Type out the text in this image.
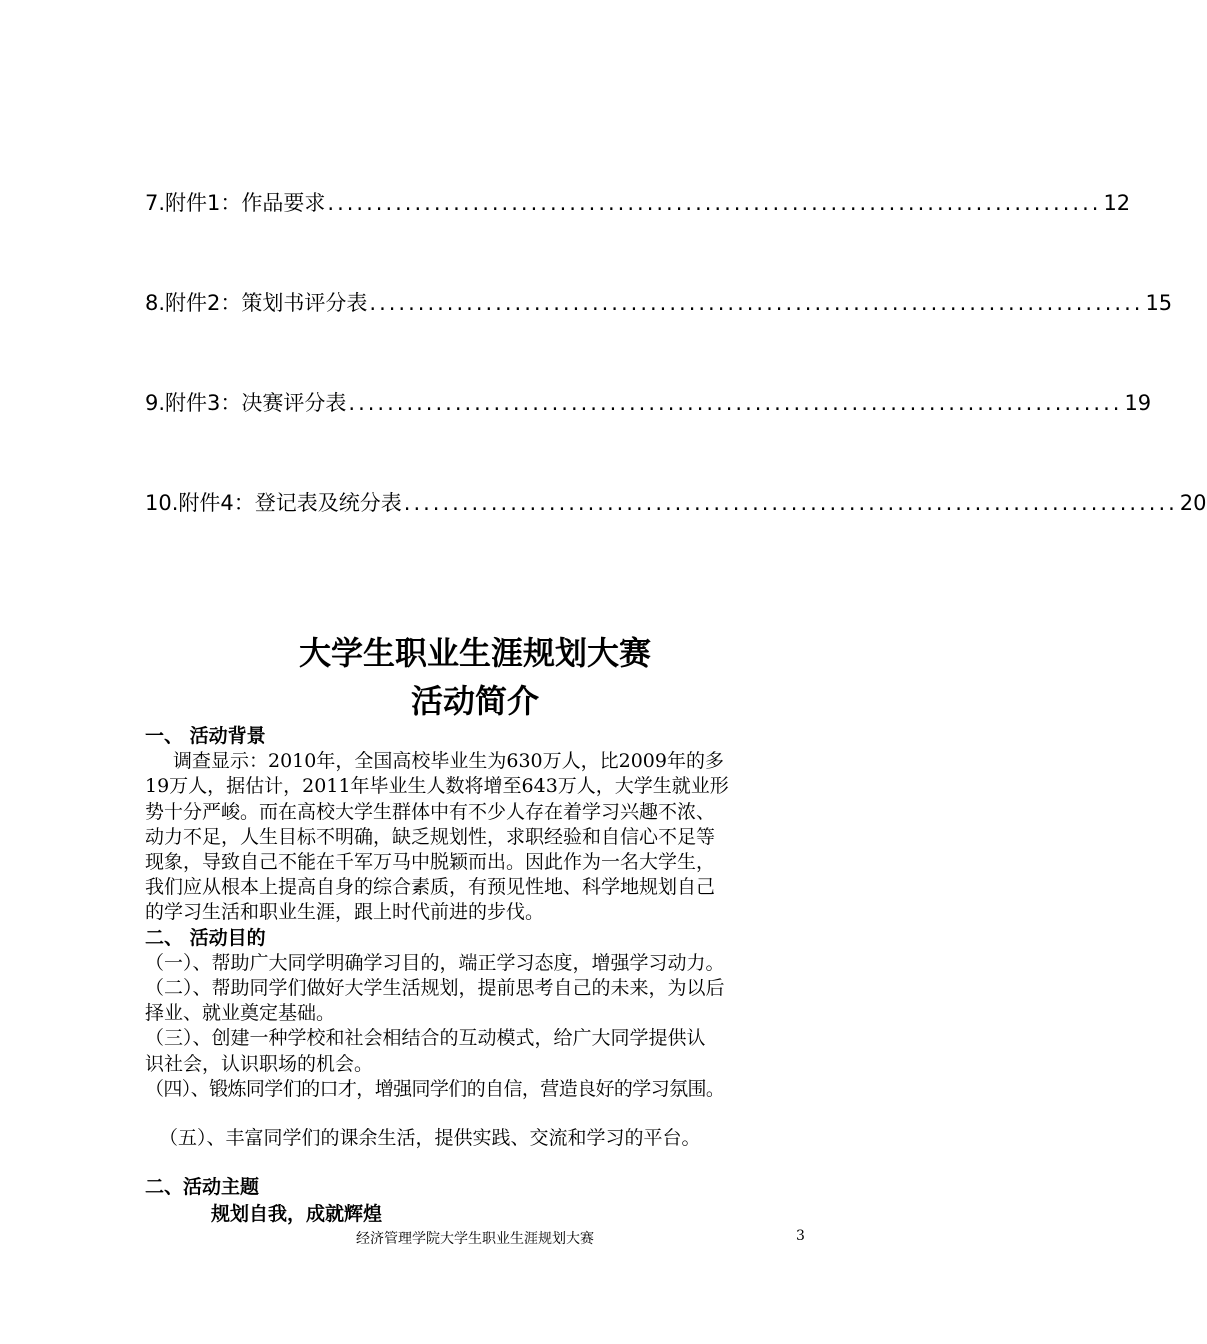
7.附件1：作品要求 ................................................................................ 12
8.附件2：策划书评分表 ................................................................................ 15
9.附件3：决赛评分表 ................................................................................ 19
10.附件4：登记表及统分表 ................................................................................ 20
大学生职业生涯规划大赛
活动简介

一、 活动背景

调查显示：2010年，全国高校毕业生为630万人，比2009年的多

19万人，据估计，2011年毕业生人数将增至643万人，大学生就业形

势十分严峻。而在高校大学生群体中有不少人存在着学习兴趣不浓、

动力不足，人生目标不明确，缺乏规划性，求职经验和自信心不足等

现象，导致自己不能在千军万马中脱颖而出。因此作为一名大学生，

我们应从根本上提高自身的综合素质，有预见性地、科学地规划自己

的学习生活和职业生涯，跟上时代前进的步伐。

二、 活动目的

（一）、帮助广大同学明确学习目的，端正学习态度，增强学习动力。

（二）、帮助同学们做好大学生活规划，提前思考自己的未来，为以后

择业、就业奠定基础。

（三）、创建一种学校和社会相结合的互动模式，给广大同学提供认

识社会，认识职场的机会。

（四）、锻炼同学们的口才，增强同学们的自信，营造良好的学习氛围。

（五）、丰富同学们的课余生活，提供实践、交流和学习的平台。

二、活动主题

规划自我，成就辉煌

经济管理学院大学生职业生涯规划大赛	3
